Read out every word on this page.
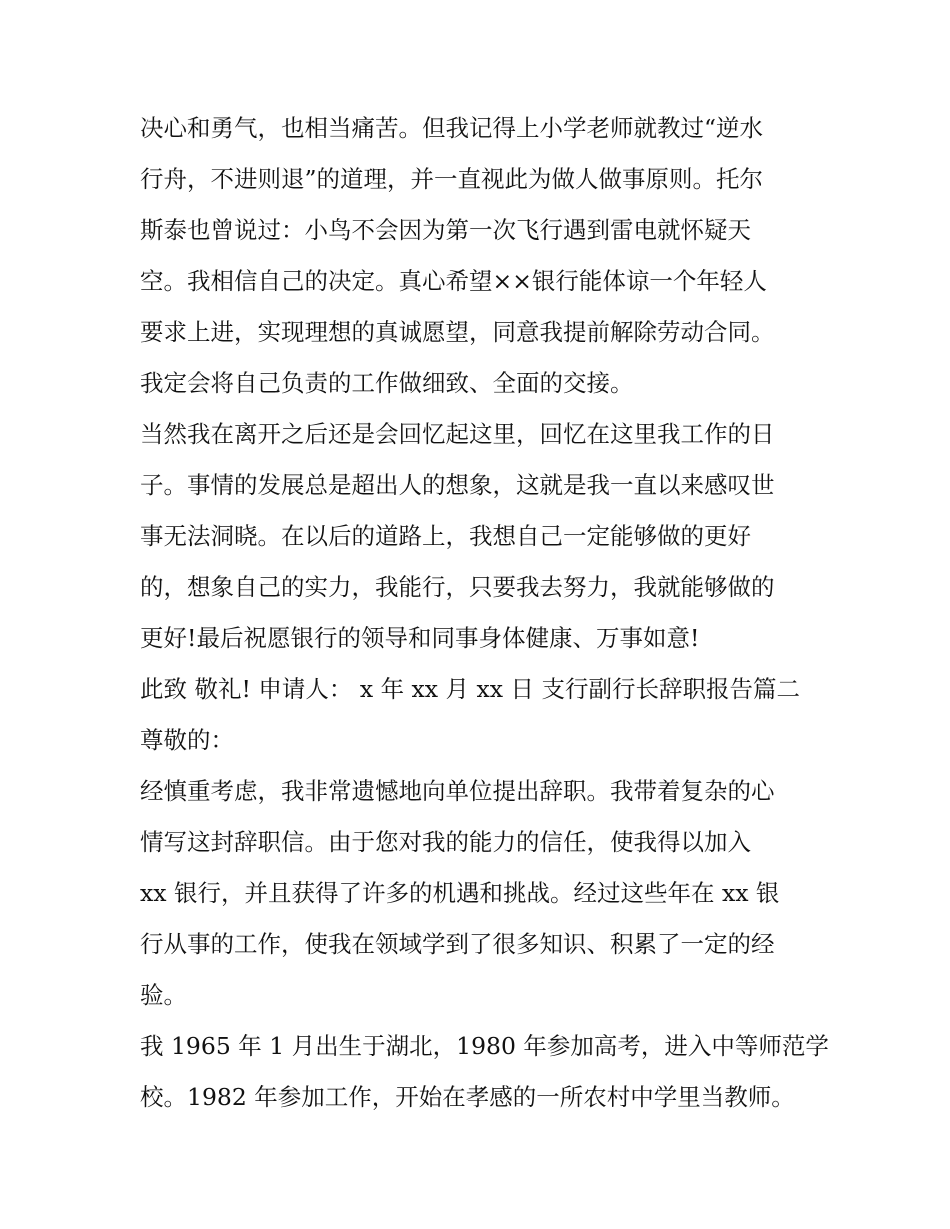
决心和勇气，也相当痛苦。但我记得上小学老师就教过“逆水
行舟，不进则退”的道理，并一直视此为做人做事原则。托尔
斯泰也曾说过：小鸟不会因为第一次飞行遇到雷电就怀疑天
空。我相信自己的决定。真心希望××银行能体谅一个年轻人
要求上进，实现理想的真诚愿望，同意我提前解除劳动合同。
我定会将自己负责的工作做细致、全面的交接。
当然我在离开之后还是会回忆起这里，回忆在这里我工作的日
子。事情的发展总是超出人的想象，这就是我一直以来感叹世
事无法洞晓。在以后的道路上，我想自己一定能够做的更好
的，想象自己的实力，我能行，只要我去努力，我就能够做的
更好!最后祝愿银行的领导和同事身体健康、万事如意!
此致 敬礼! 申请人： x 年 xx 月 xx 日 支行副行长辞职报告篇二
尊敬的：
经慎重考虑，我非常遗憾地向单位提出辞职。我带着复杂的心
情写这封辞职信。由于您对我的能力的信任，使我得以加入
xx 银行，并且获得了许多的机遇和挑战。经过这些年在 xx 银
行从事的工作，使我在领域学到了很多知识、积累了一定的经
验。
我 1965 年 1 月出生于湖北，1980 年参加高考，进入中等师范学
校。1982 年参加工作，开始在孝感的一所农村中学里当教师。
